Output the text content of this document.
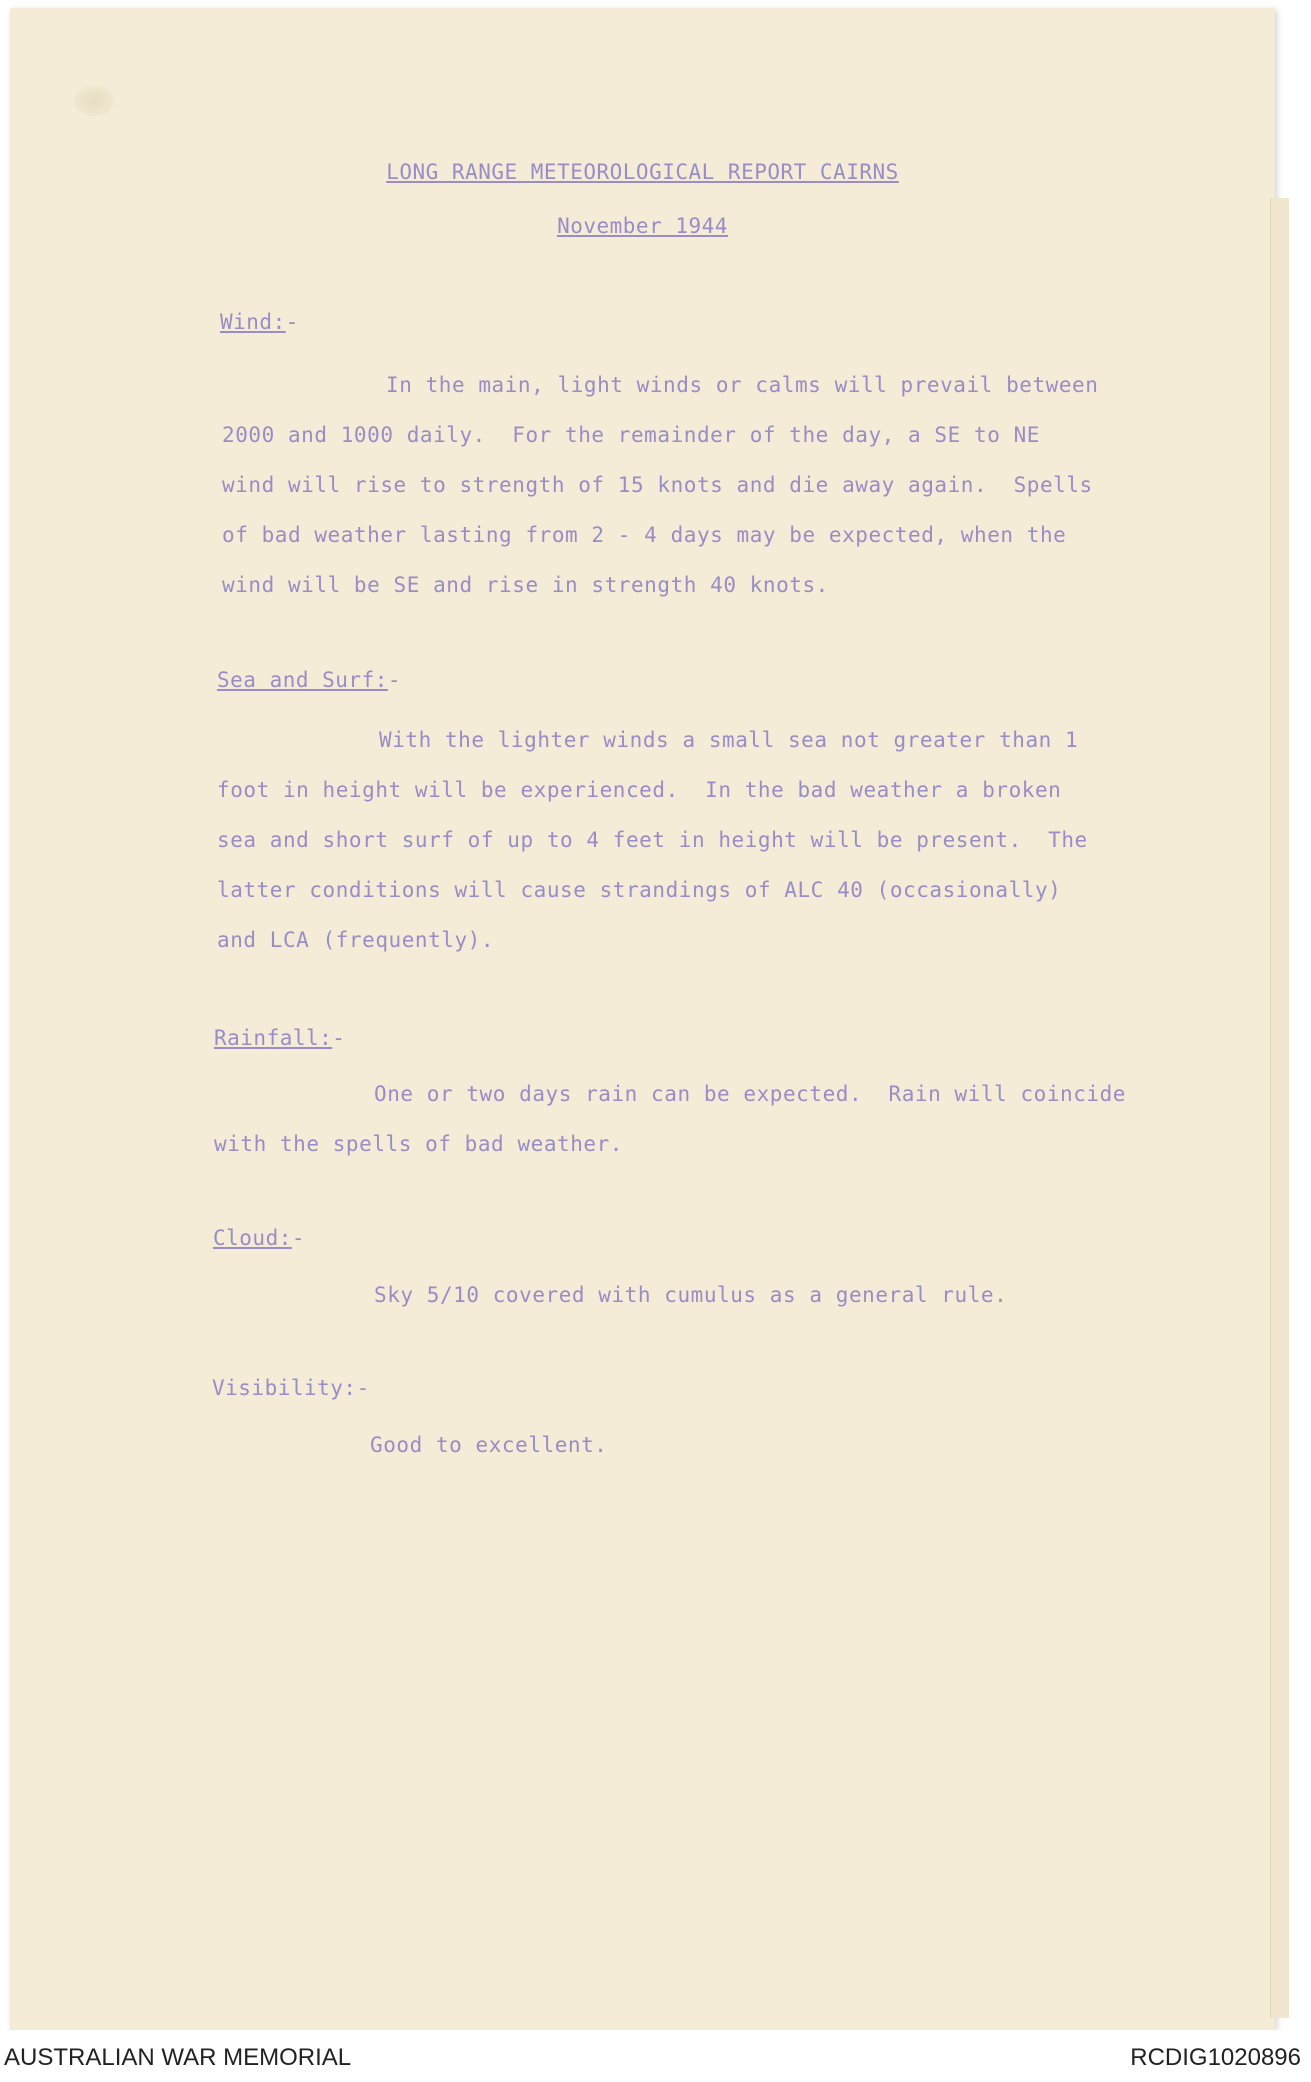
LONG RANGE METEOROLOGICAL REPORT CAIRNS
November 1944
Wind:-
In the main, light winds or calms will prevail between
2000 and 1000 daily.  For the remainder of the day, a SE to NE
wind will rise to strength of 15 knots and die away again.  Spells
of bad weather lasting from 2 - 4 days may be expected, when the
wind will be SE and rise in strength 40 knots.
Sea and Surf:-
With the lighter winds a small sea not greater than 1
foot in height will be experienced.  In the bad weather a broken
sea and short surf of up to 4 feet in height will be present.  The
latter conditions will cause strandings of ALC 40 (occasionally)
and LCA (frequently).
Rainfall:-
One or two days rain can be expected.  Rain will coincide
with the spells of bad weather.
Cloud:-
Sky 5/10 covered with cumulus as a general rule.
Visibility:-
Good to excellent.
AUSTRALIAN WAR MEMORIAL	RCDIG1020896
